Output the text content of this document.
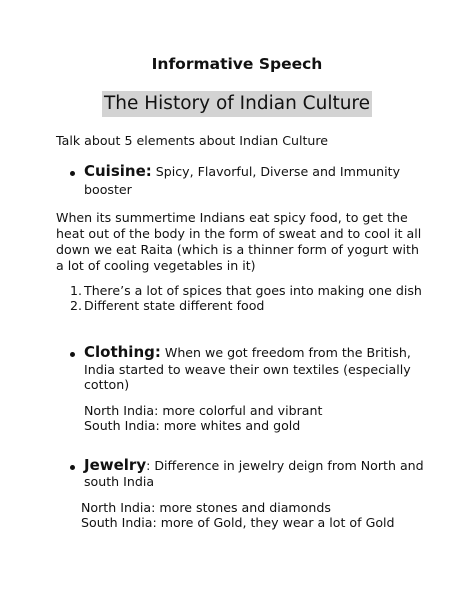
Informative Speech
The History of Indian Culture

Talk about 5 elements about Indian Culture

Cuisine: Spicy, Flavorful, Diverse and Immunity

booster

When its summertime Indians eat spicy food, to get the

heat out of the body in the form of sweat and to cool it all

down we eat Raita (which is a thinner form of yogurt with

a lot of cooling vegetables in it)

1. There’s a lot of spices that goes into making one dish

2. Different state different food

Clothing: When we got freedom from the British,

India started to weave their own textiles (especially

cotton)

North India: more colorful and vibrant

South India: more whites and gold

Jewelry: Difference in jewelry deign from North and

south India

North India: more stones and diamonds

South India: more of Gold, they wear a lot of Gold
